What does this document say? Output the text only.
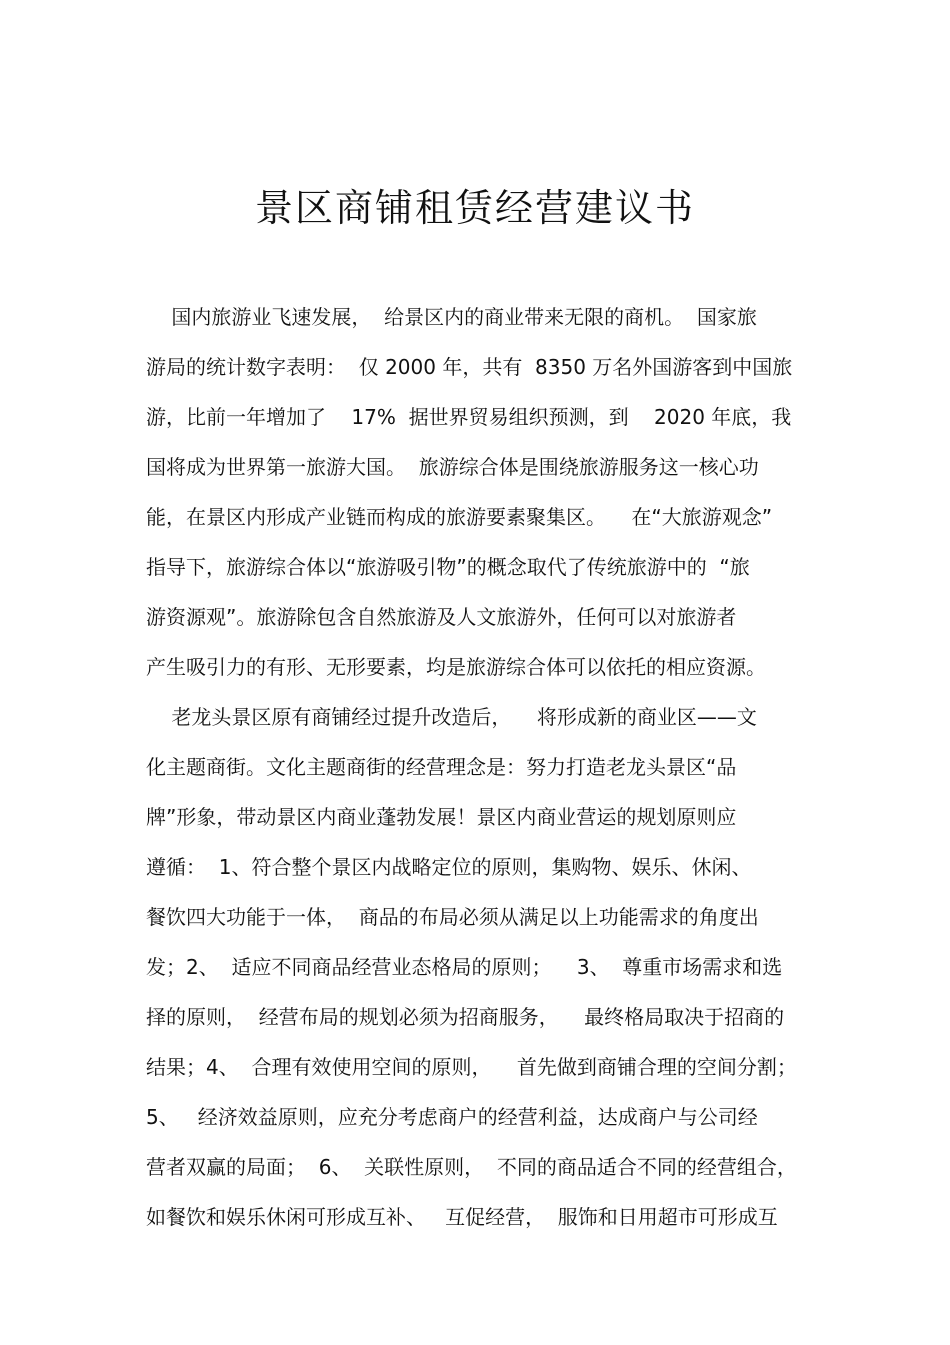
景区商铺租赁经营建议书
国内旅游业飞速发展，  给景区内的商业带来无限的商机。  国家旅
游局的统计数字表明：  仅 2000 年，共有  8350 万名外国游客到中国旅
游，比前一年增加了    17%  据世界贸易组织预测，到    2020 年底，我
国将成为世界第一旅游大国。  旅游综合体是围绕旅游服务这一核心功
能，在景区内形成产业链而构成的旅游要素聚集区。    在“大旅游观念”
指导下，旅游综合体以“旅游吸引物”的概念取代了传统旅游中的  “旅
游资源观”。旅游除包含自然旅游及人文旅游外，任何可以对旅游者
产生吸引力的有形、无形要素，均是旅游综合体可以依托的相应资源。
老龙头景区原有商铺经过提升改造后，    将形成新的商业区——文
化主题商街。文化主题商街的经营理念是：努力打造老龙头景区“品
牌”形象，带动景区内商业蓬勃发展！景区内商业营运的规划原则应
遵循：  1、符合整个景区内战略定位的原则，集购物、娱乐、休闲、
餐饮四大功能于一体，  商品的布局必须从满足以上功能需求的角度出
发；2、  适应不同商品经营业态格局的原则；    3、  尊重市场需求和选
择的原则，  经营布局的规划必须为招商服务，    最终格局取决于招商的
结果；4、  合理有效使用空间的原则，    首先做到商铺合理的空间分割；
5、   经济效益原则，应充分考虑商户的经营利益，达成商户与公司经
营者双赢的局面；  6、  关联性原则，  不同的商品适合不同的经营组合，
如餐饮和娱乐休闲可形成互补、   互促经营，  服饰和日用超市可形成互
